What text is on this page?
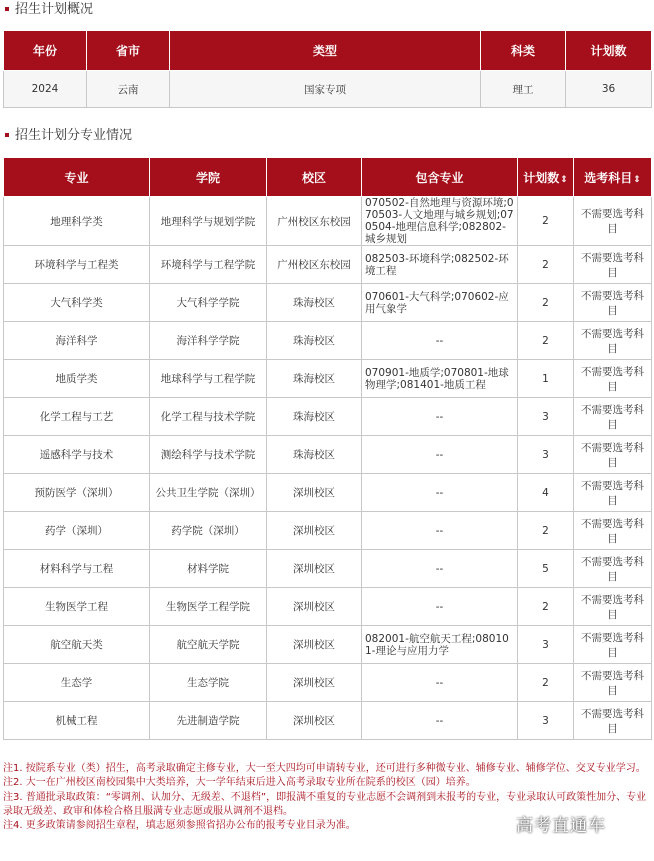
招生计划概况
年份	省市	类型	科类	计划数
2024	云南	国家专项	理工	36
招生计划分专业情况
专业	学院	校区	包含专业	计划数⇕	选考科目⇕
地理科学类	地理科学与规划学院	广州校区东校园	070502-自然地理与资源环境;070503-人文地理与城乡规划;070504-地理信息科学;082802-城乡规划	2	不需要选考科目
环境科学与工程类	环境科学与工程学院	广州校区东校园	082503-环境科学;082502-环境工程	2	不需要选考科目
大气科学类	大气科学学院	珠海校区	070601-大气科学;070602-应用气象学	2	不需要选考科目
海洋科学	海洋科学学院	珠海校区	--	2	不需要选考科目
地质学类	地球科学与工程学院	珠海校区	070901-地质学;070801-地球物理学;081401-地质工程	1	不需要选考科目
化学工程与工艺	化学工程与技术学院	珠海校区	--	3	不需要选考科目
遥感科学与技术	测绘科学与技术学院	珠海校区	--	3	不需要选考科目
预防医学（深圳）	公共卫生学院（深圳）	深圳校区	--	4	不需要选考科目
药学（深圳）	药学院（深圳）	深圳校区	--	2	不需要选考科目
材料科学与工程	材料学院	深圳校区	--	5	不需要选考科目
生物医学工程	生物医学工程学院	深圳校区	--	2	不需要选考科目
航空航天类	航空航天学院	深圳校区	082001-航空航天工程;080101-理论与应用力学	3	不需要选考科目
生态学	生态学院	深圳校区	--	2	不需要选考科目
机械工程	先进制造学院	深圳校区	--	3	不需要选考科目
注1. 按院系专业（类）招生，高考录取确定主修专业，大一至大四均可申请转专业，还可进行多种微专业、辅修专业、辅修学位、交叉专业学习。
注2. 大一在广州校区南校园集中大类培养，大一学年结束后进入高考录取专业所在院系的校区（园）培养。
注3. 普通批录取政策：“零调剂、认加分、无级差、不退档”，即报满不重复的专业志愿不会调剂到未报考的专业，专业录取认可政策性加分、专业录取无级差、政审和体检合格且服满专业志愿或服从调剂不退档。
注4. 更多政策请参阅招生章程，填志愿须参照省招办公布的报考专业目录为准。	高考直通车
